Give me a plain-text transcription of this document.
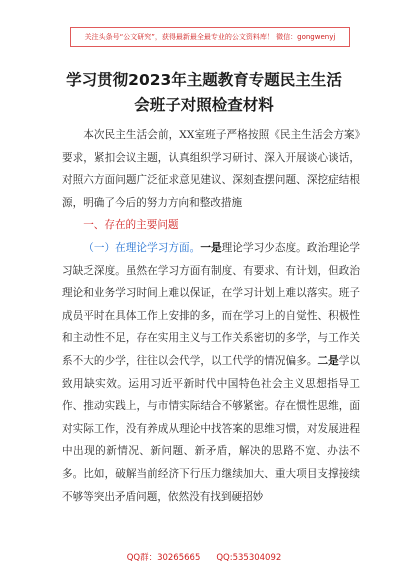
关注头条号“公文研究”，获得最新最全最专业的公文资料库！ 微信：gongwenyj
学习贯彻2023年主题教育专题民主生活
会班子对照检查材料

本次民主生活会前，XX室班子严格按照《民主生活会方案》要求，紧扣会议主题，认真组织学习研讨、深入开展谈心谈话，对照六方面问题广泛征求意见建议、深刻查摆问题、深挖症结根源，明确了今后的努力方向和整改措施

一、存在的主要问题

（一）在理论学习方面。一是理论学习少态度。政治理论学习缺乏深度。虽然在学习方面有制度、有要求、有计划，但政治理论和业务学习时间上难以保证，在学习计划上难以落实。班子成员平时在具体工作上安排的多，而在学习上的自觉性、积极性和主动性不足，存在实用主义与工作关系密切的多学，与工作关系不大的少学，往往以会代学，以工代学的情况偏多。二是学以致用缺实效。运用习近平新时代中国特色社会主义思想指导工作、推动实践上，与市情实际结合不够紧密。存在惯性思维，面对实际工作，没有养成从理论中找答案的思维习惯，对发展进程中出现的新情况、新问题、新矛盾，解决的思路不宽、办法不多。比如，破解当前经济下行压力继续加大、重大项目支撑接续不够等突出矛盾问题，依然没有找到硬招妙

QQ群：30265665 QQ:535304092
